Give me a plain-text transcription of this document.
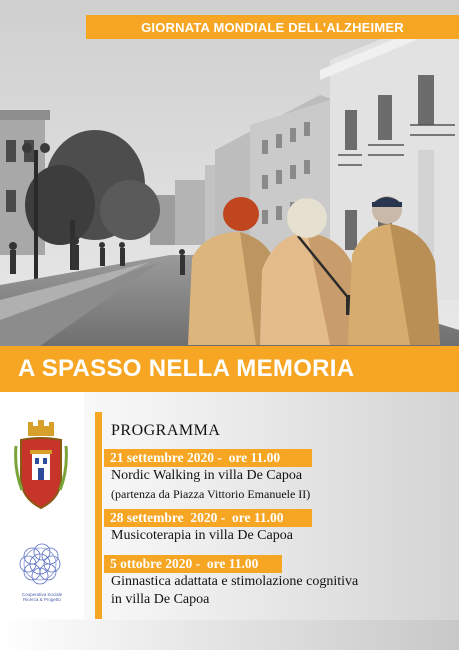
GIORNATA MONDIALE DELL'ALZHEIMER
A SPASSO NELLA MEMORIA
Cooperativa Sociale
Ricerca & Progetto
PROGRAMMA
21 settembre 2020 -  ore 11.00
Nordic Walking in villa De Capoa
(partenza da Piazza Vittorio Emanuele II)
28 settembre  2020 -  ore 11.00
Musicoterapia in villa De Capoa
5 ottobre 2020 -  ore 11.00
Ginnastica adattata e stimolazione cognitiva
in villa De Capoa
